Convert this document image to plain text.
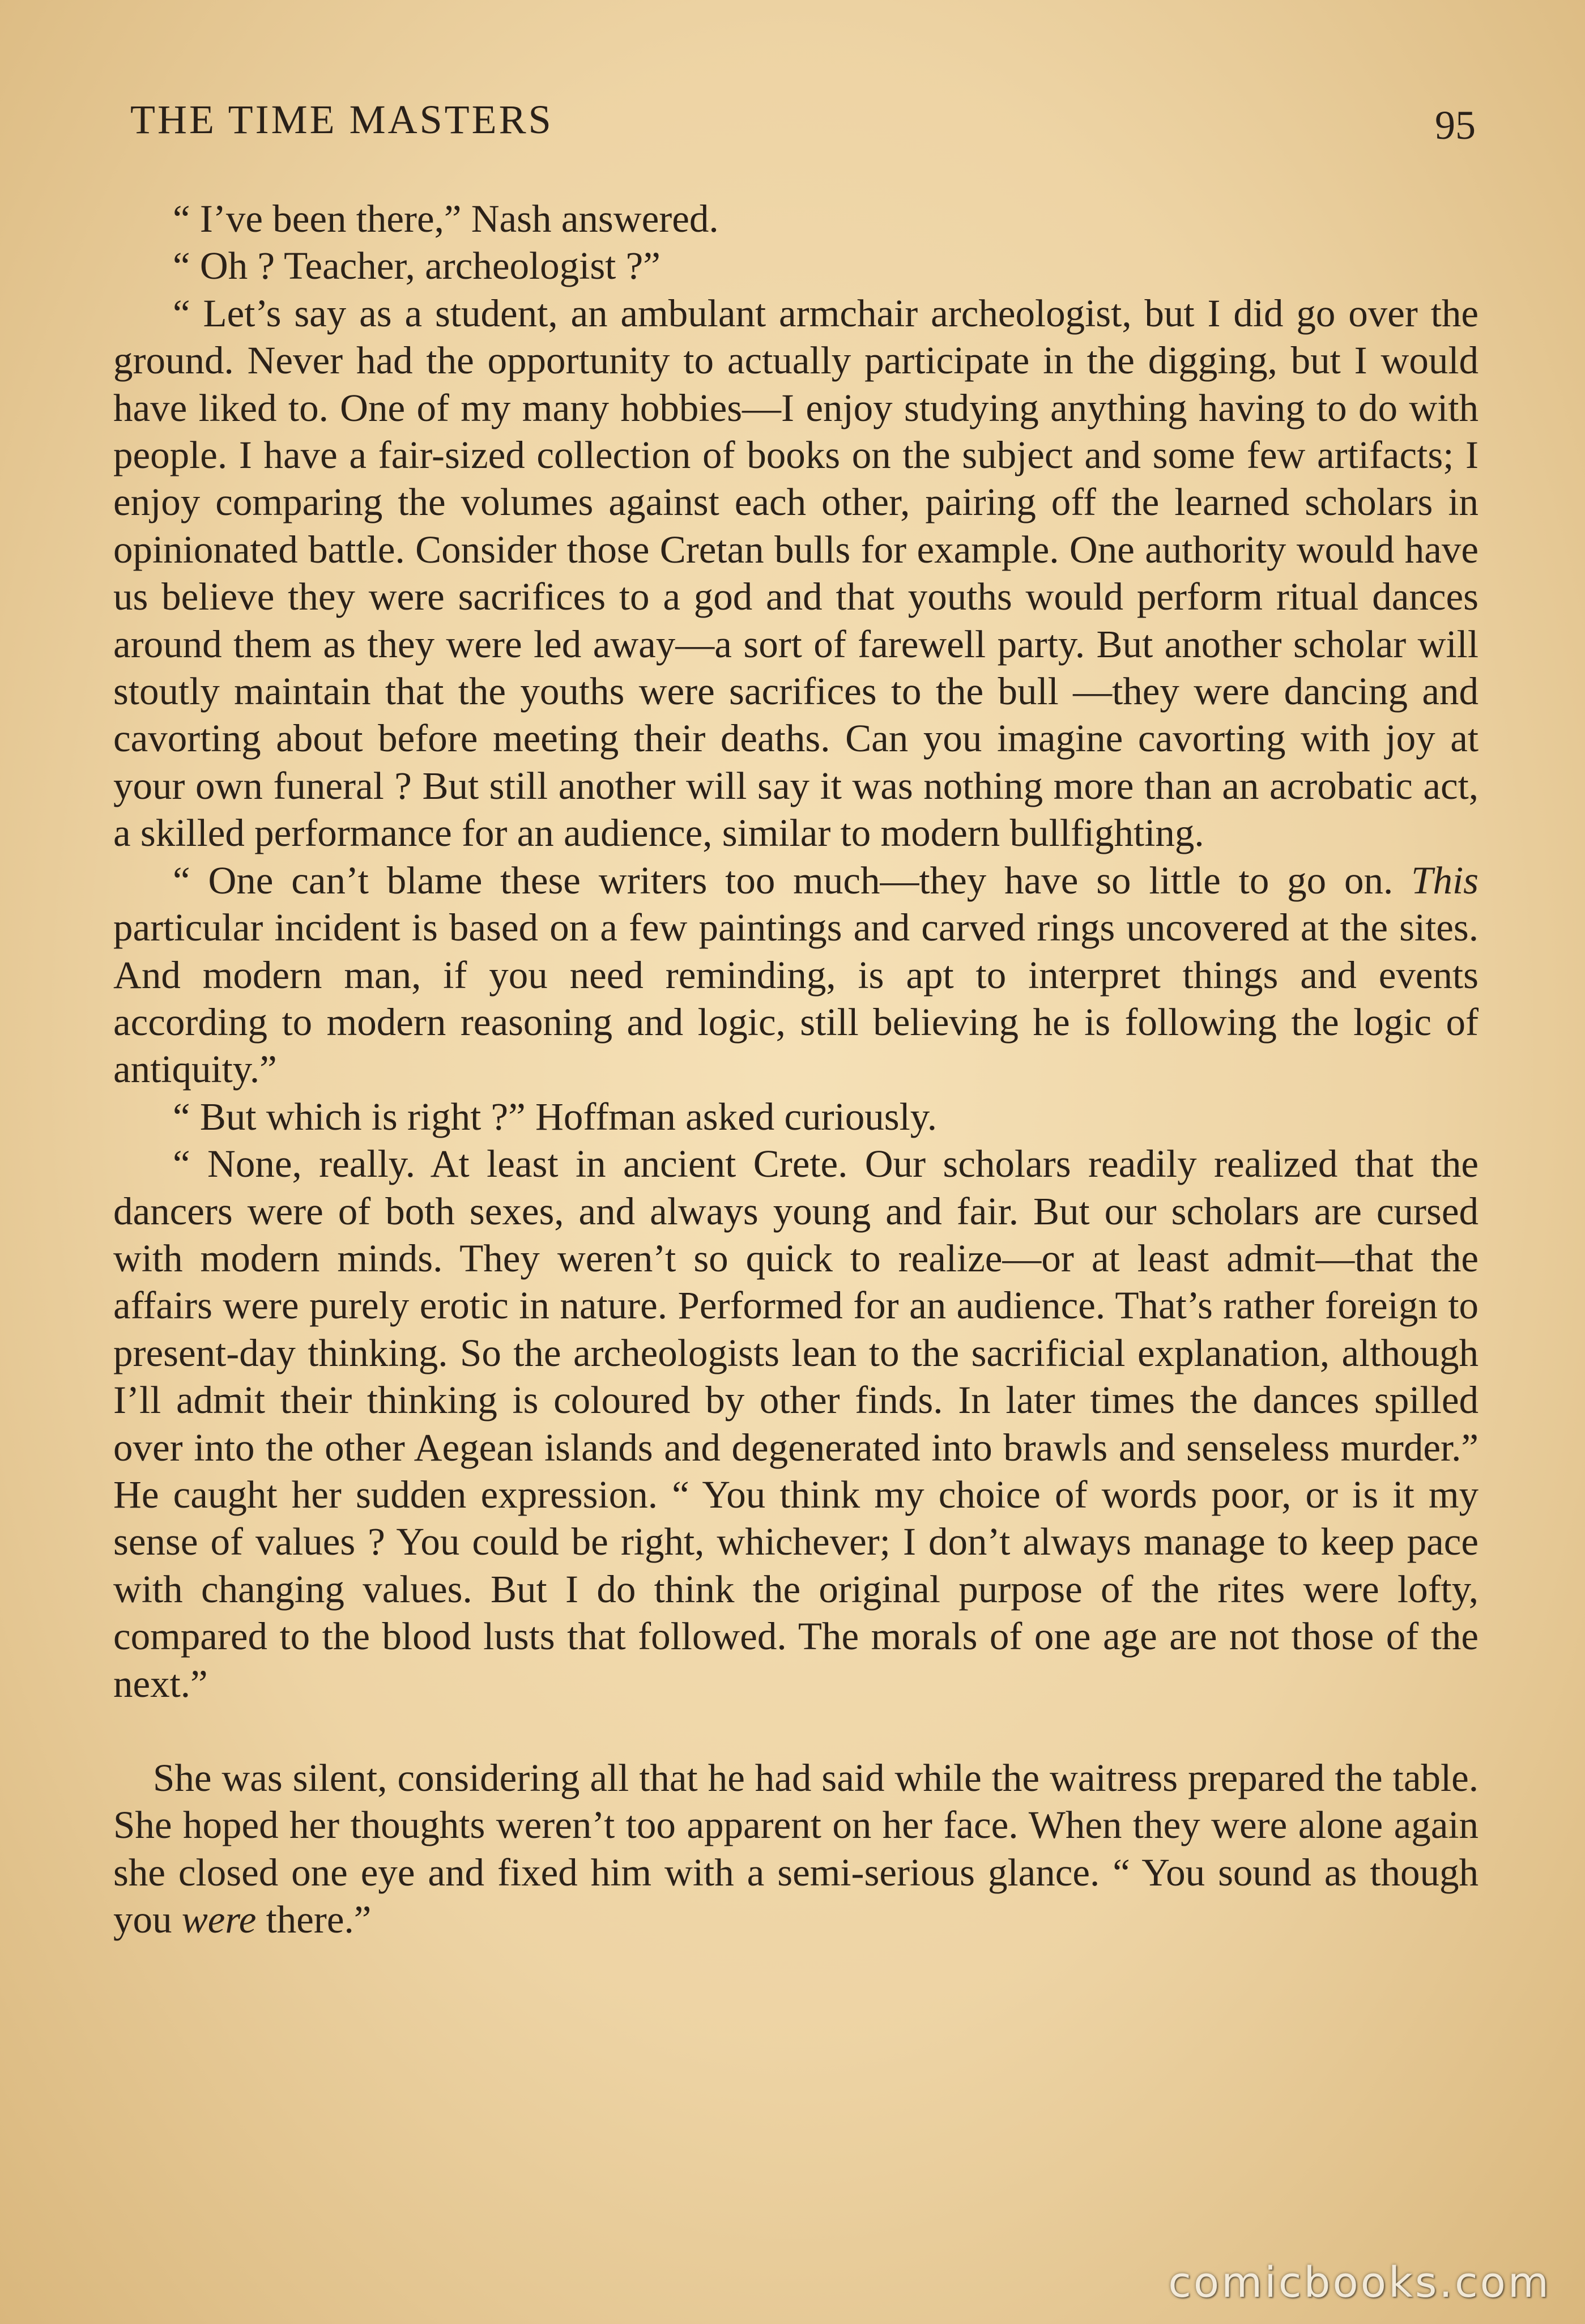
THE TIME MASTERS	95

“ I’ve been there,” Nash answered.

“ Oh ? Teacher, archeologist ?”

“ Let’s say as a student, an ambulant armchair archeologist, but I did go over the ground. Never had the opportunity to actually participate in the digging, but I would have liked to. One of my many hobbies—I enjoy studying anything having to do with people. I have a fair-sized collection of books on the subject and some few artifacts; I enjoy comparing the volumes against each other, pairing off the learned scholars in opinionated battle. Consider those Cretan bulls for example. One authority would have us believe they were sacrifices to a god and that youths would perform ritual dances around them as they were led away—a sort of farewell party. But another scholar will stoutly maintain that the youths were sacrifices to the bull —they were dancing and cavorting about before meeting their deaths. Can you imagine cavorting with joy at your own funeral ? But still another will say it was nothing more than an acrobatic act, a skilled performance for an audience, similar to modern bullfighting.

“ One can’t blame these writers too much—they have so little to go on. This particular incident is based on a few paintings and carved rings uncovered at the sites. And modern man, if you need reminding, is apt to interpret things and events according to modern reasoning and logic, still believing he is following the logic of antiquity.”

“ But which is right ?” Hoffman asked curiously.

“ None, really. At least in ancient Crete. Our scholars readily realized that the dancers were of both sexes, and always young and fair. But our scholars are cursed with modern minds. They weren’t so quick to realize—or at least admit—that the affairs were purely erotic in nature. Performed for an audience. That’s rather foreign to present-day thinking. So the archeologists lean to the sacrificial explanation, although I’ll admit their thinking is coloured by other finds. In later times the dances spilled over into the other Aegean islands and degenerated into brawls and senseless murder.” He caught her sudden expression. “ You think my choice of words poor, or is it my sense of values ? You could be right, whichever; I don’t always manage to keep pace with changing values. But I do think the original purpose of the rites were lofty, compared to the blood lusts that followed. The morals of one age are not those of the next.”

She was silent, considering all that he had said while the waitress prepared the table. She hoped her thoughts weren’t too apparent on her face. When they were alone again she closed one eye and fixed him with a semi-serious glance. “ You sound as though you were there.”

comicbooks.com
